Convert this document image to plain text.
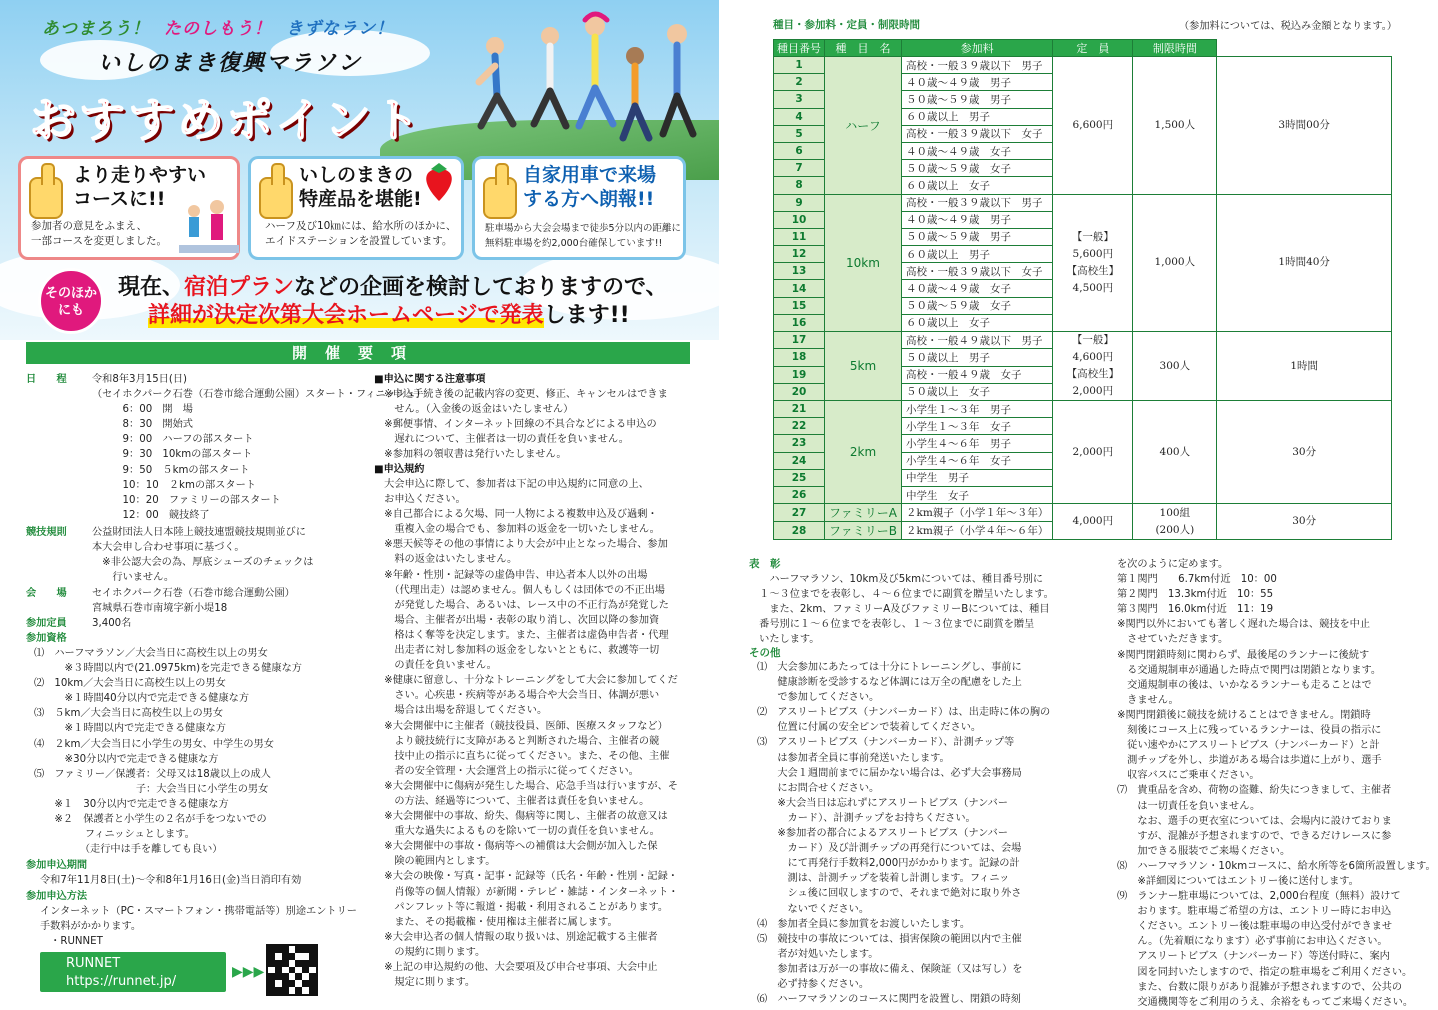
あつまろう！ たのしもう！ きずなラン！
いしのまき復興マラソン
おすすめポイント
より走りやすい
コースに!!
参加者の意見をふまえ、
一部コースを変更しました。
いしのまきの
特産品を堪能!
ハーフ及び10㎞には、給水所のほかに、
エイドステーションを設置しています。
自家用車で来場
する方へ朗報!!
駐車場から大会会場まで徒歩5分以内の距離に
無料駐車場を約2,000台確保しています!!
そのほか
にも
現在、宿泊プランなどの企画を検討しておりますので、
詳細が決定次第大会ホームページで発表します!!
開催要項
日　　程 令和8年3月15日(日)
（セイホクパーク石巻（石巻市総合運動公園）スタート・フィニッシュ）
　　　6：00　開　場
　　　8：30　開始式
　　　9：00　ハーフの部スタート
　　　9：30　10kmの部スタート
　　　9：50　５kmの部スタート
　　　10：10　２kmの部スタート
　　　10：20　ファミリーの部スタート
　　　12：00　競技終了
競技規則 公益財団法人日本陸上競技連盟競技規則並びに
本大会申し合わせ事項に基づく。
　※非公認大会の為、厚底シューズのチェックは
　　行いません。
会　　場 セイホクパーク石巻（石巻市総合運動公園）
宮城県石巻市南境字新小堤18
参加定員 3,400名
参加資格
⑴　ハーフマラソン／大会当日に高校生以上の男女
　　　※３時間以内で(21.0975km)を完走できる健康な方
⑵　10km／大会当日に高校生以上の男女
　　　※１時間40分以内で完走できる健康な方
⑶　５km／大会当日に高校生以上の男女
　　　※１時間以内で完走できる健康な方
⑷　２km／大会当日に小学生の男女、中学生の男女
　　　※30分以内で完走できる健康な方
⑸　ファミリー／保護者：父母又は18歳以上の成人
　　　　　　　　　　子：大会当日に小学生の男女
　　※１　30分以内で完走できる健康な方
　　※２　保護者と小学生の２名が手をつないでの
　　　　　フィニッシュとします。
　　　　　（走行中は手を離しても良い）
参加申込期間
令和7年11月8日(土)～令和8年1月16日(金)当日消印有効
参加申込方法
インターネット（PC・スマートフォン・携帯電話等）別途エントリー
手数料がかかります。
　・RUNNET
RUNNET
https://runnet.jp/
▶▶▶
■申込に関する注意事項
　※申込手続き後の記載内容の変更、修正、キャンセルはできま
　　せん。（入金後の返金はいたしません）
　※郵便事情、インターネット回線の不具合などによる申込の
　　遅れについて、主催者は一切の責任を負いません。
　※参加料の領収書は発行いたしません。
■申込規約
　大会申込に際して、参加者は下記の申込規約に同意の上、
　お申込ください。
　※自己都合による欠場、同一人物による複数申込及び過剰・
　　重複入金の場合でも、参加料の返金を一切いたしません。
　※悪天候等その他の事情により大会が中止となった場合、参加
　　料の返金はいたしません。
　※年齢・性別・記録等の虚偽申告、申込者本人以外の出場
　　（代理出走）は認めません。個人もしくは団体での不正出場
　　が発覚した場合、あるいは、レース中の不正行為が発覚した
　　場合、主催者が出場・表彰の取り消し、次回以降の参加資
　　格はく奪等を決定します。また、主催者は虚偽申告者・代理
　　出走者に対し参加料の返金をしないとともに、救護等一切
　　の責任を負いません。
　※健康に留意し、十分なトレーニングをして大会に参加してくだ
　　さい。心疾患・疾病等がある場合や大会当日、体調が悪い
　　場合は出場を辞退してください。
　※大会開催中に主催者（競技役員、医師、医療スタッフなど）
　　より競技続行に支障があると判断された場合、主催者の競
　　技中止の指示に直ちに従ってください。また、その他、主催
　　者の安全管理・大会運営上の指示に従ってください。
　※大会開催中に傷病が発生した場合、応急手当は行いますが、そ
　　の方法、経過等について、主催者は責任を負いません。
　※大会開催中の事故、紛失、傷病等に関し、主催者の故意又は
　　重大な過失によるものを除いて一切の責任を負いません。
　※大会開催中の事故・傷病等への補償は大会側が加入した保
　　険の範囲内とします。
　※大会の映像・写真・記事・記録等（氏名・年齢・性別・記録・
　　肖像等の個人情報）が新聞・テレビ・雑誌・インターネット・
　　パンフレット等に報道・掲載・利用されることがあります。
　　また、その掲載権・使用権は主催者に属します。
　※大会申込者の個人情報の取り扱いは、別途記載する主催者
　　の規約に則ります。
　※上記の申込規約の他、大会要項及び申合せ事項、大会中止
　　規定に則ります。
種目・参加料・定員・制限時間	（参加料については、税込み金額となります。）
種目番号	種　目　名	参加料	定　員	制限時間	
1	ハーフ	高校・一般３９歳以下　男子	6,600円	1,500人	3時間00分
2		４０歳～４９歳　男子			
3		５０歳～５９歳　男子			
4		６０歳以上　男子			
5		高校・一般３９歳以下　女子			
6		４０歳～４９歳　女子			
7		５０歳～５９歳　女子			
8		６０歳以上　女子			
9	10km	高校・一般３９歳以下　男子	【一般】
5,600円
【高校生】
4,500円	1,000人	1時間40分
10		４０歳～４９歳　男子			
11		５０歳～５９歳　男子			
12		６０歳以上　男子			
13		高校・一般３９歳以下　女子			
14		４０歳～４９歳　女子			
15		５０歳～５９歳　女子			
16		６０歳以上　女子			
17	5km	高校・一般４９歳以下　男子	【一般】
4,600円
【高校生】
2,000円	300人	1時間
18		５０歳以上　男子			
19		高校・一般４９歳　女子			
20		５０歳以上　女子			
21	2km	小学生１～３年　男子	2,000円	400人	30分
22		小学生１～３年　女子			
23		小学生４～６年　男子			
24		小学生４～６年　女子			
25		中学生　男子			
26		中学生　女子			
27	ファミリーA	２km親子（小学１年～３年）	4,000円	100組
(200人)	30分
28	ファミリーB	２km親子（小学４年～６年）			
表　彰
　　ハーフマラソン、10km及び5kmについては、種目番号別に
　１～３位までを表彰し、４～６位までに副賞を贈呈いたします。
　　また、2km、ファミリーA及びファミリーBについては、種目
　番号別に１～６位までを表彰し、１～３位までに副賞を贈呈
　いたします。
その他
⑴　大会参加にあたっては十分にトレーニングし、事前に
　　健康診断を受診するなど体調には万全の配慮をした上
　　で参加してください。
⑵　アスリートビブス（ナンバーカード）は、出走時に体の胸の
　　位置に付属の安全ピンで装着してください。
⑶　アスリートビブス（ナンバーカード）、計測チップ等
　　は参加者全員に事前発送いたします。
　　大会１週間前までに届かない場合は、必ず大会事務局
　　にお問合せください。
　　※大会当日は忘れずにアスリートビブス（ナンバー
　　　カード）、計測チップをお持ちください。
　　※参加者の都合によるアスリートビブス（ナンバー
　　　カード）及び計測チップの再発行については、会場
　　　にて再発行手数料2,000円がかかります。記録の計
　　　測は、計測チップを装着し計測します。フィニッ
　　　シュ後に回収しますので、それまで絶対に取り外さ
　　　ないでください。
⑷　参加者全員に参加賞をお渡しいたします。
⑸　競技中の事故については、損害保険の範囲以内で主催
　　者が対処いたします。
　　参加者は万が一の事故に備え、保険証（又は写し）を
　　必ず持参ください。
⑹　ハーフマラソンのコースに関門を設置し、閉鎖の時刻
を次のように定めます。
第１関門　　6.7km付近　10：00
第２関門　13.3km付近　10：55
第３関門　16.0km付近　11：19
※関門以外においても著しく遅れた場合は、競技を中止
　させていただきます。
※関門閉鎖時刻に関わらず、最後尾のランナーに後続す
　る交通規制車が通過した時点で関門は閉鎖となります。
　交通規制車の後は、いかなるランナーも走ることはで
　きません。
※関門閉鎖後に競技を続けることはできません。閉鎖時
　刻後にコース上に残っているランナーは、役員の指示に
　従い速やかにアスリートビブス（ナンバーカード）と計
　測チップを外し、歩道がある場合は歩道に上がり、選手
　収容バスにご乗車ください。
⑺　貴重品を含め、荷物の盗難、紛失につきまして、主催者
　　は一切責任を負いません。
　　なお、選手の更衣室については、会場内に設けておりま
　　すが、混雑が予想されますので、できるだけレースに参
　　加できる服装でご来場ください。
⑻　ハーフマラソン・10kmコースに、給水所等を6箇所設置します。
　　※詳細図についてはエントリー後に送付します。
⑼　ランナー駐車場については、2,000台程度（無料）設けて
　　おります。駐車場ご希望の方は、エントリー時にお申込
　　ください。エントリー後は駐車場の申込受付ができませ
　　ん。（先着順になります）必ず事前にお申込ください。
　　アスリートビブス（ナンバーカード）等送付時に、案内
　　図を同封いたしますので、指定の駐車場をご利用ください。
　　また、台数に限りがあり混雑が予想されますので、公共の
　　交通機関等をご利用のうえ、余裕をもってご来場ください。
